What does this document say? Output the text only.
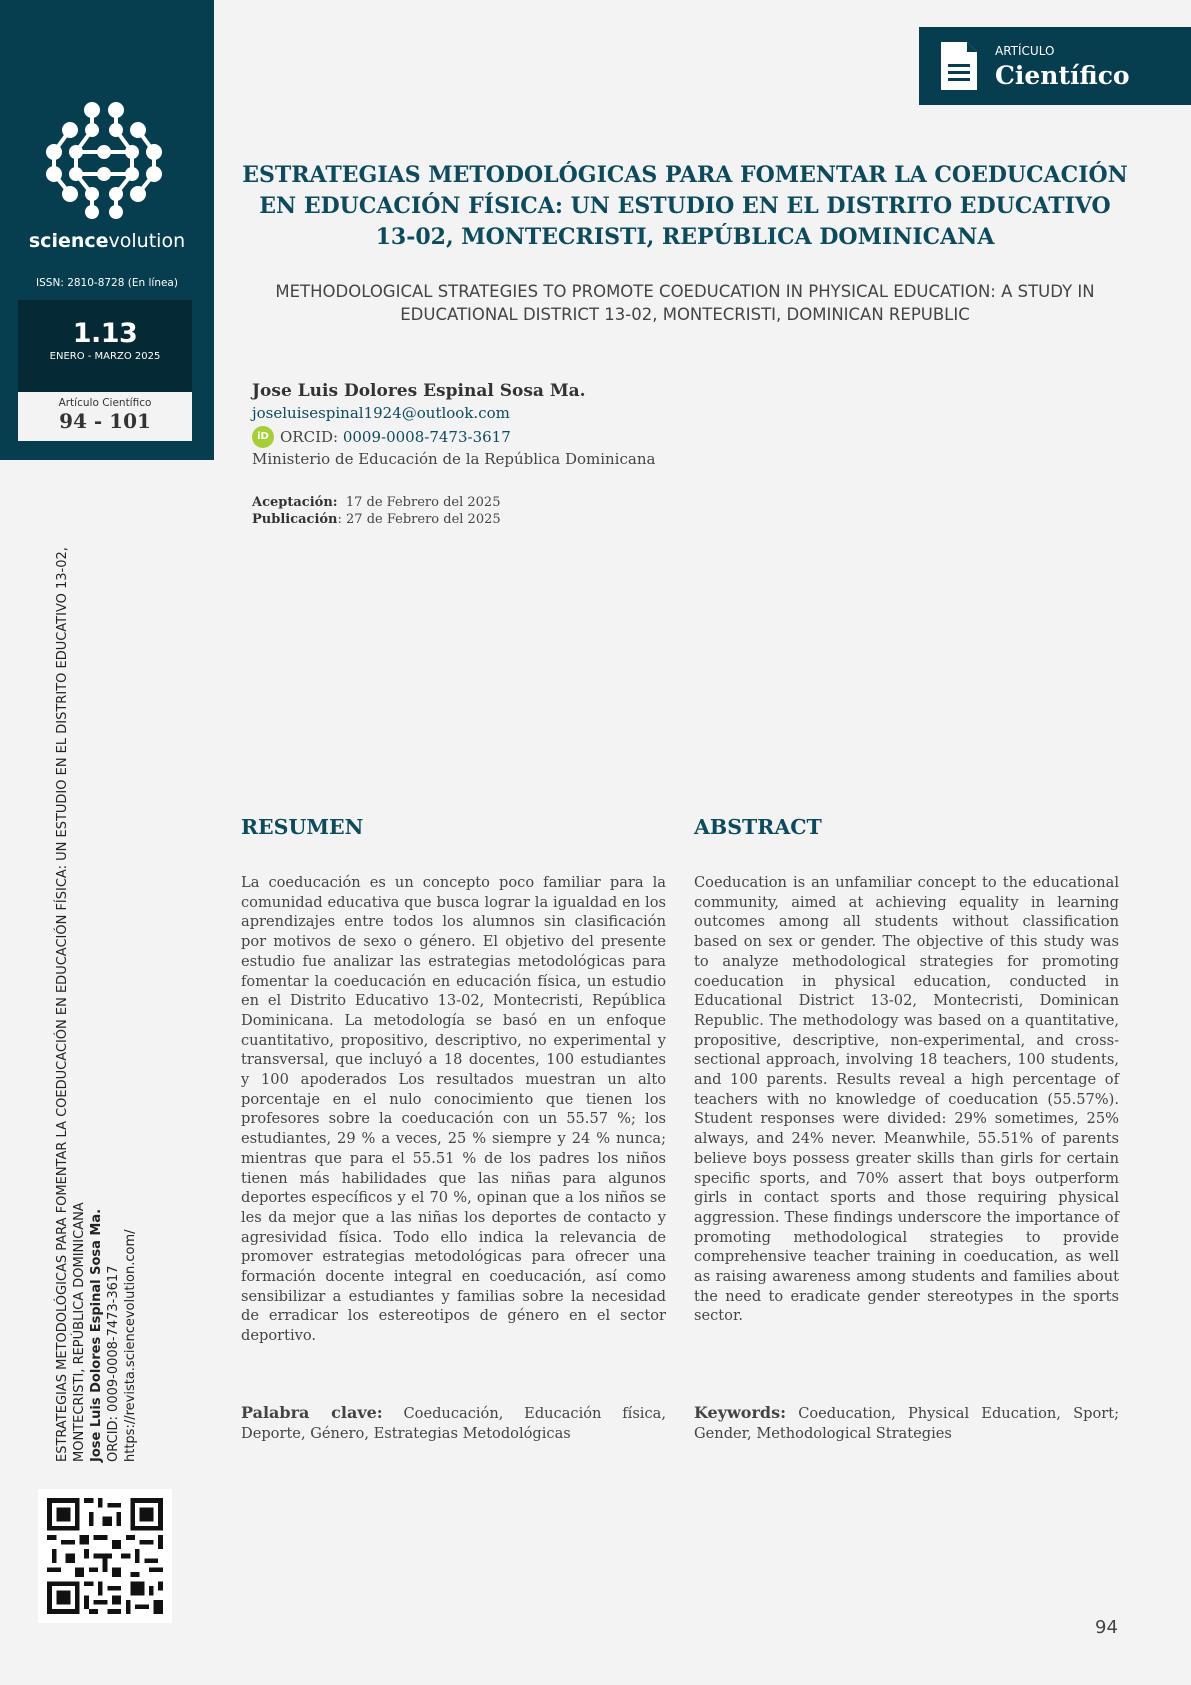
sciencevolution
ISSN: 2810-8728 (En línea)
1.13
ENERO - MARZO 2025
Artículo Científico
94 - 101
ARTÍCULO
Científico
ESTRATEGIAS METODOLÓGICAS PARA FOMENTAR LA COEDUCACIÓN EN EDUCACIÓN FÍSICA: UN ESTUDIO EN EL DISTRITO EDUCATIVO 13-02, MONTECRISTI, REPÚBLICA DOMINICANA
METHODOLOGICAL STRATEGIES TO PROMOTE COEDUCATION IN PHYSICAL EDUCATION: A STUDY IN EDUCATIONAL DISTRICT 13-02, MONTECRISTI, DOMINICAN REPUBLIC
Jose Luis Dolores Espinal Sosa Ma.
joseluisespinal1924@outlook.com
iD ORCID: 0009-0008-7473-3617
Ministerio de Educación de la República Dominicana
Aceptación: 17 de Febrero del 2025
Publicación: 27 de Febrero del 2025
ESTRATEGIAS METODOLÓGICAS PARA FOMENTAR LA COEDUCACIÓN EN EDUCACIÓN FÍSICA: UN ESTUDIO EN EL DISTRITO EDUCATIVO 13-02, MONTECRISTI, REPÚBLICA DOMINICANA Jose Luis Dolores Espinal Sosa Ma. ORCID: 0009-0008-7473-3617 https://revista.sciencevolution.com/
RESUMEN

La coeducación es un concepto poco familiar para la comunidad educativa que busca lograr la igualdad en los aprendizajes entre todos los alumnos sin clasificación por motivos de sexo o género. El objetivo del presente estudio fue analizar las estrategias metodológicas para fomentar la coeducación en educación física, un estudio en el Distrito Educativo 13-02, Montecristi, República Dominicana. La metodología se basó en un enfoque cuantitativo, propositivo, descriptivo, no experimental y transversal, que incluyó a 18 docentes, 100 estudiantes y 100 apoderados Los resultados muestran un alto porcentaje en el nulo conocimiento que tienen los profesores sobre la coeducación con un 55.57 %; los estudiantes, 29 % a veces, 25 % siempre y 24 % nunca; mientras que para el 55.51 % de los padres los niños tienen más habilidades que las niñas para algunos deportes específicos y el 70 %, opinan que a los niños se les da mejor que a las niñas los deportes de contacto y agresividad física. Todo ello indica la relevancia de promover estrategias metodológicas para ofrecer una formación docente integral en coeducación, así como sensibilizar a estudiantes y familias sobre la necesidad de erradicar los estereotipos de género en el sector deportivo.

ABSTRACT

Coeducation is an unfamiliar concept to the educational community, aimed at achieving equality in learning outcomes among all students without classification based on sex or gender. The objective of this study was to analyze methodological strategies for promoting coeducation in physical education, conducted in Educational District 13-02, Montecristi, Dominican Republic. The methodology was based on a quantitative, propositive, descriptive, non-experimental, and cross-sectional approach, involving 18 teachers, 100 students, and 100 parents. Results reveal a high percentage of teachers with no knowledge of coeducation (55.57%). Student responses were divided: 29% sometimes, 25% always, and 24% never. Meanwhile, 55.51% of parents believe boys possess greater skills than girls for certain specific sports, and 70% assert that boys outperform girls in contact sports and those requiring physical aggression. These findings underscore the importance of promoting methodological strategies to provide comprehensive teacher training in coeducation, as well as raising awareness among students and families about the need to eradicate gender stereotypes in the sports sector.

Palabra clave: Coeducación, Educación física, Deporte, Género, Estrategias Metodológicas
Keywords: Coeducation, Physical Education, Sport; Gender, Methodological Strategies
94
